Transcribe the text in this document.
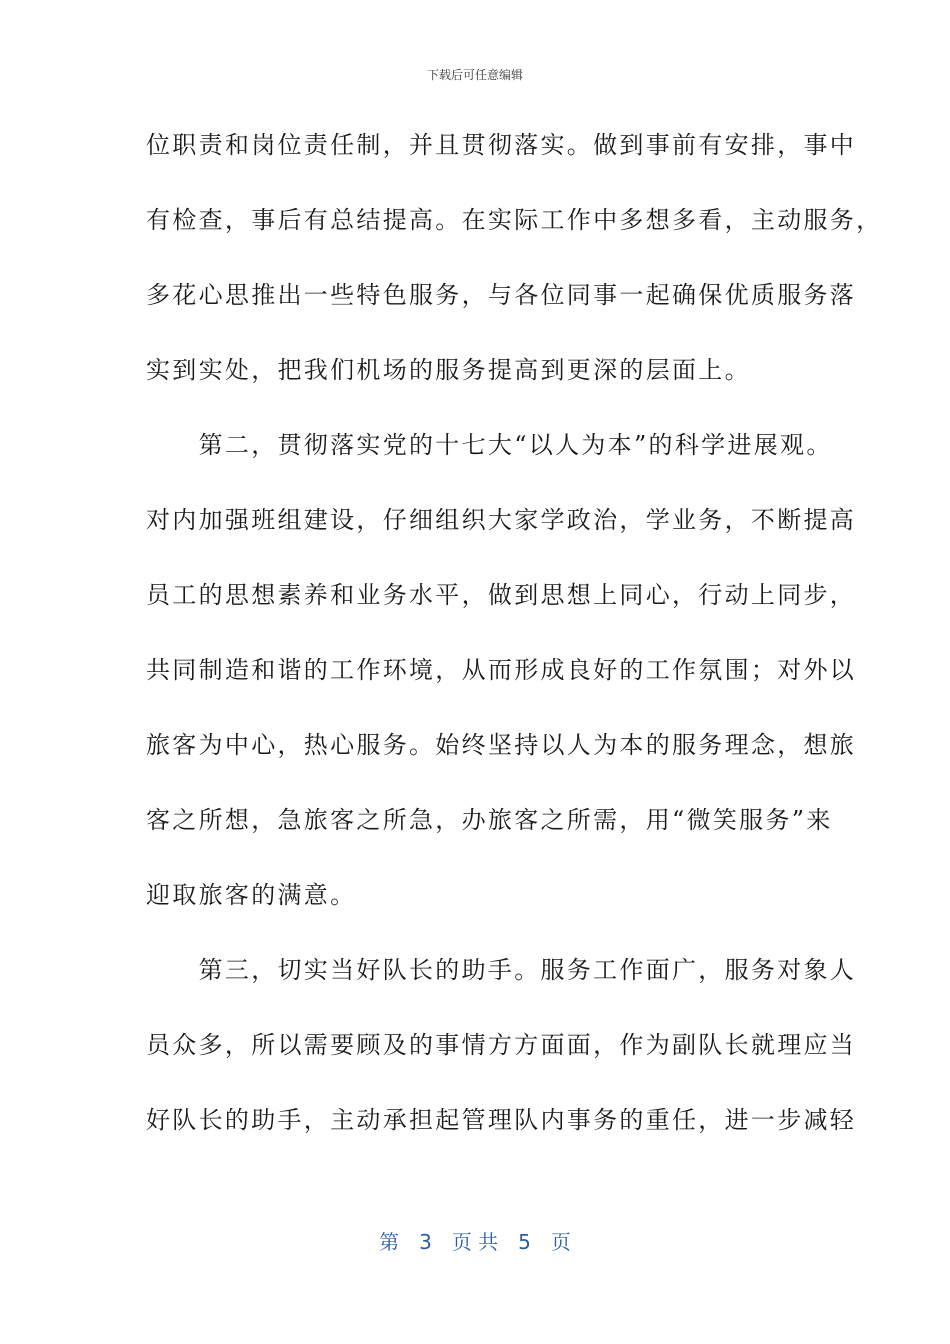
下载后可任意编辑
位职责和岗位责任制，并且贯彻落实。做到事前有安排，事中
有检查，事后有总结提高。在实际工作中多想多看，主动服务，
多花心思推出一些特色服务，与各位同事一起确保优质服务落
实到实处，把我们机场的服务提高到更深的层面上。
　　第二，贯彻落实党的十七大“以人为本”的科学进展观。
对内加强班组建设，仔细组织大家学政治，学业务，不断提高
员工的思想素养和业务水平，做到思想上同心，行动上同步，
共同制造和谐的工作环境，从而形成良好的工作氛围；对外以
旅客为中心，热心服务。始终坚持以人为本的服务理念，想旅
客之所想，急旅客之所急，办旅客之所需，用“微笑服务”来
迎取旅客的满意。
　　第三，切实当好队长的助手。服务工作面广，服务对象人
员众多，所以需要顾及的事情方方面面，作为副队长就理应当
好队长的助手，主动承担起管理队内事务的重任，进一步减轻
第　3　页 共　5　页
